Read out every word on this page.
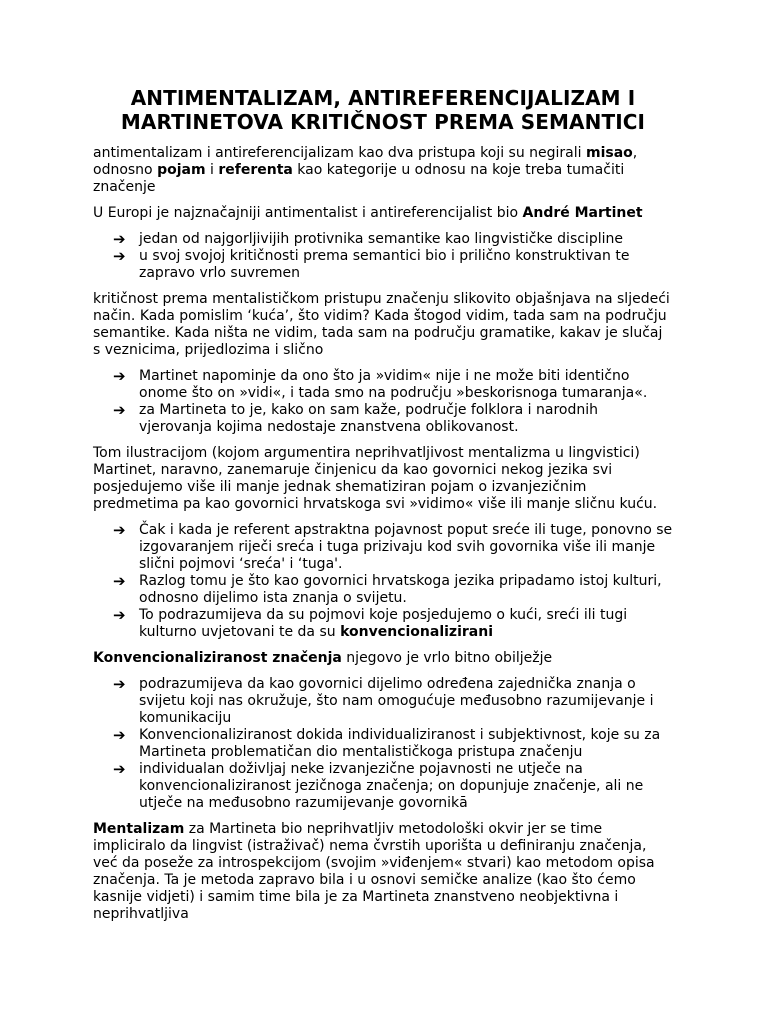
ANTIMENTALIZAM, ANTIREFERENCIJALIZAM I
MARTINETOVA KRITIČNOST PREMA SEMANTICI

antimentalizam i antireferencijalizam kao dva pristupa koji su negirali misao, odnosno pojam i referenta kao kategorije u odnosu na koje treba tumačiti značenje

U Europi je najznačajniji antimentalist i antireferencijalist bio André Martinet

➔ jedan od najgorljivijih protivnika semantike kao lingvističke discipline
➔ u svoj svojoj kritičnosti prema semantici bio i prilično konstruktivan te zapravo vrlo suvremen

kritičnost prema mentalističkom pristupu značenju slikovito objašnjava na sljedeći način. Kada pomislim ‘kuća’, što vidim? Kada štogod vidim, tada sam na području semantike. Kada ništa ne vidim, tada sam na području gramatike, kakav je slučaj s veznicima, prijedlozima i slično

➔ Martinet napominje da ono što ja »vidim« nije i ne može biti identično onome što on »vidi«, i tada smo na području »beskorisnoga tumaranja«.
➔ za Martineta to je, kako on sam kaže, područje folklora i narodnih vjerovanja kojima nedostaje znanstvena oblikovanost.

Tom ilustracijom (kojom argumentira neprihvatljivost mentalizma u lingvistici) Martinet, naravno, zanemaruje činjenicu da kao govornici nekog jezika svi posjedujemo više ili manje jednak shematiziran pojam o izvanjezičnim predmetima pa kao govornici hrvatskoga svi »vidimo« više ili manje sličnu kuću.

➔ Čak i kada je referent apstraktna pojavnost poput sreće ili tuge, ponovno se izgovaranjem riječi sreća i tuga prizivaju kod svih govornika više ili manje slični pojmovi ‘sreća' i ‘tuga'.
➔ Razlog tomu je što kao govornici hrvatskoga jezika pripadamo istoj kulturi, odnosno dijelimo ista znanja o svijetu.
➔ To podrazumijeva da su pojmovi koje posjedujemo o kući, sreći ili tugi kulturno uvjetovani te da su konvencionalizirani

Konvencionaliziranost značenja njegovo je vrlo bitno obilježje

➔ podrazumijeva da kao govornici dijelimo određena zajednička znanja o svijetu koji nas okružuje, što nam omogućuje međusobno razumijevanje i komunikaciju
➔ Konvencionaliziranost dokida individualiziranost i subjektivnost, koje su za Martineta problematičan dio mentalističkoga pristupa značenju
➔ individualan doživljaj neke izvanjezične pojavnosti ne utječe na konvencionaliziranost jezičnoga značenja; on dopunjuje značenje, ali ne utječe na međusobno razumijevanje govornikā

Mentalizam za Martineta bio neprihvatljiv metodološki okvir jer se time impliciralo da lingvist (istraživač) nema čvrstih uporišta u definiranju značenja, već da poseže za introspekcijom (svojim »viđenjem« stvari) kao metodom opisa značenja. Ta je metoda zapravo bila i u osnovi semičke analize (kao što ćemo kasnije vidjeti) i samim time bila je za Martineta znanstveno neobjektivna i neprihvatljiva
